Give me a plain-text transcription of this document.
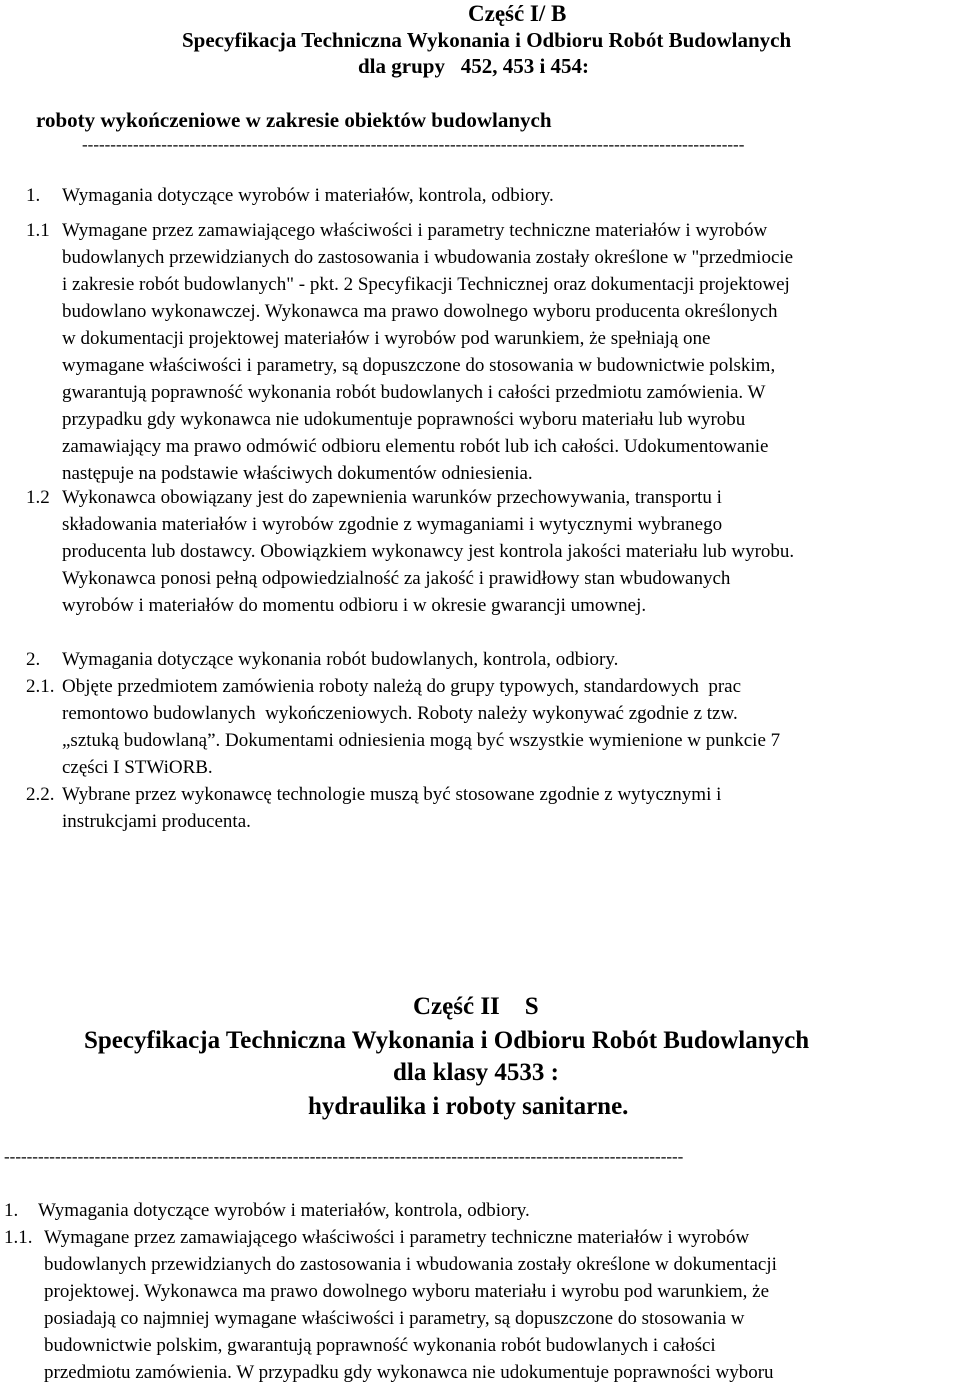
Część I/ B
Specyfikacja Techniczna Wykonania i Odbioru Robót Budowlanych
dla grupy   452, 453 i 454:
roboty wykończeniowe w zakresie obiektów budowlanych
---------------------------------------------------------------------------------------------------------------------
1. Wymagania dotyczące wyrobów i materiałów, kontrola, odbiory.
1.1 Wymagane przez zamawiającego właściwości i parametry techniczne materiałów i wyrobów
budowlanych przewidzianych do zastosowania i wbudowania zostały określone w "przedmiocie
i zakresie robót budowlanych" - pkt. 2 Specyfikacji Technicznej oraz dokumentacji projektowej
budowlano wykonawczej. Wykonawca ma prawo dowolnego wyboru producenta określonych
w dokumentacji projektowej materiałów i wyrobów pod warunkiem, że spełniają one
wymagane właściwości i parametry, są dopuszczone do stosowania w budownictwie polskim,
gwarantują poprawność wykonania robót budowlanych i całości przedmiotu zamówienia. W
przypadku gdy wykonawca nie udokumentuje poprawności wyboru materiału lub wyrobu
zamawiający ma prawo odmówić odbioru elementu robót lub ich całości. Udokumentowanie
następuje na podstawie właściwych dokumentów odniesienia.
1.2 Wykonawca obowiązany jest do zapewnienia warunków przechowywania, transportu i
składowania materiałów i wyrobów zgodnie z wymaganiami i wytycznymi wybranego
producenta lub dostawcy. Obowiązkiem wykonawcy jest kontrola jakości materiału lub wyrobu.
Wykonawca ponosi pełną odpowiedzialność za jakość i prawidłowy stan wbudowanych
wyrobów i materiałów do momentu odbioru i w okresie gwarancji umownej.
2. Wymagania dotyczące wykonania robót budowlanych, kontrola, odbiory.
2.1. Objęte przedmiotem zamówienia roboty należą do grupy typowych, standardowych  prac
remontowo budowlanych  wykończeniowych. Roboty należy wykonywać zgodnie z tzw.
„sztuką budowlaną”. Dokumentami odniesienia mogą być wszystkie wymienione w punkcie 7
części I STWiORB.
2.2. Wybrane przez wykonawcę technologie muszą być stosowane zgodnie z wytycznymi i
instrukcjami producenta.
Część II    S
Specyfikacja Techniczna Wykonania i Odbioru Robót Budowlanych
dla klasy 4533 :
hydraulika i roboty sanitarne.
------------------------------------------------------------------------------------------------------------------------
1. Wymagania dotyczące wyrobów i materiałów, kontrola, odbiory.
1.1. Wymagane przez zamawiającego właściwości i parametry techniczne materiałów i wyrobów
budowlanych przewidzianych do zastosowania i wbudowania zostały określone w dokumentacji
projektowej. Wykonawca ma prawo dowolnego wyboru materiału i wyrobu pod warunkiem, że
posiadają co najmniej wymagane właściwości i parametry, są dopuszczone do stosowania w
budownictwie polskim, gwarantują poprawność wykonania robót budowlanych i całości
przedmiotu zamówienia. W przypadku gdy wykonawca nie udokumentuje poprawności wyboru
